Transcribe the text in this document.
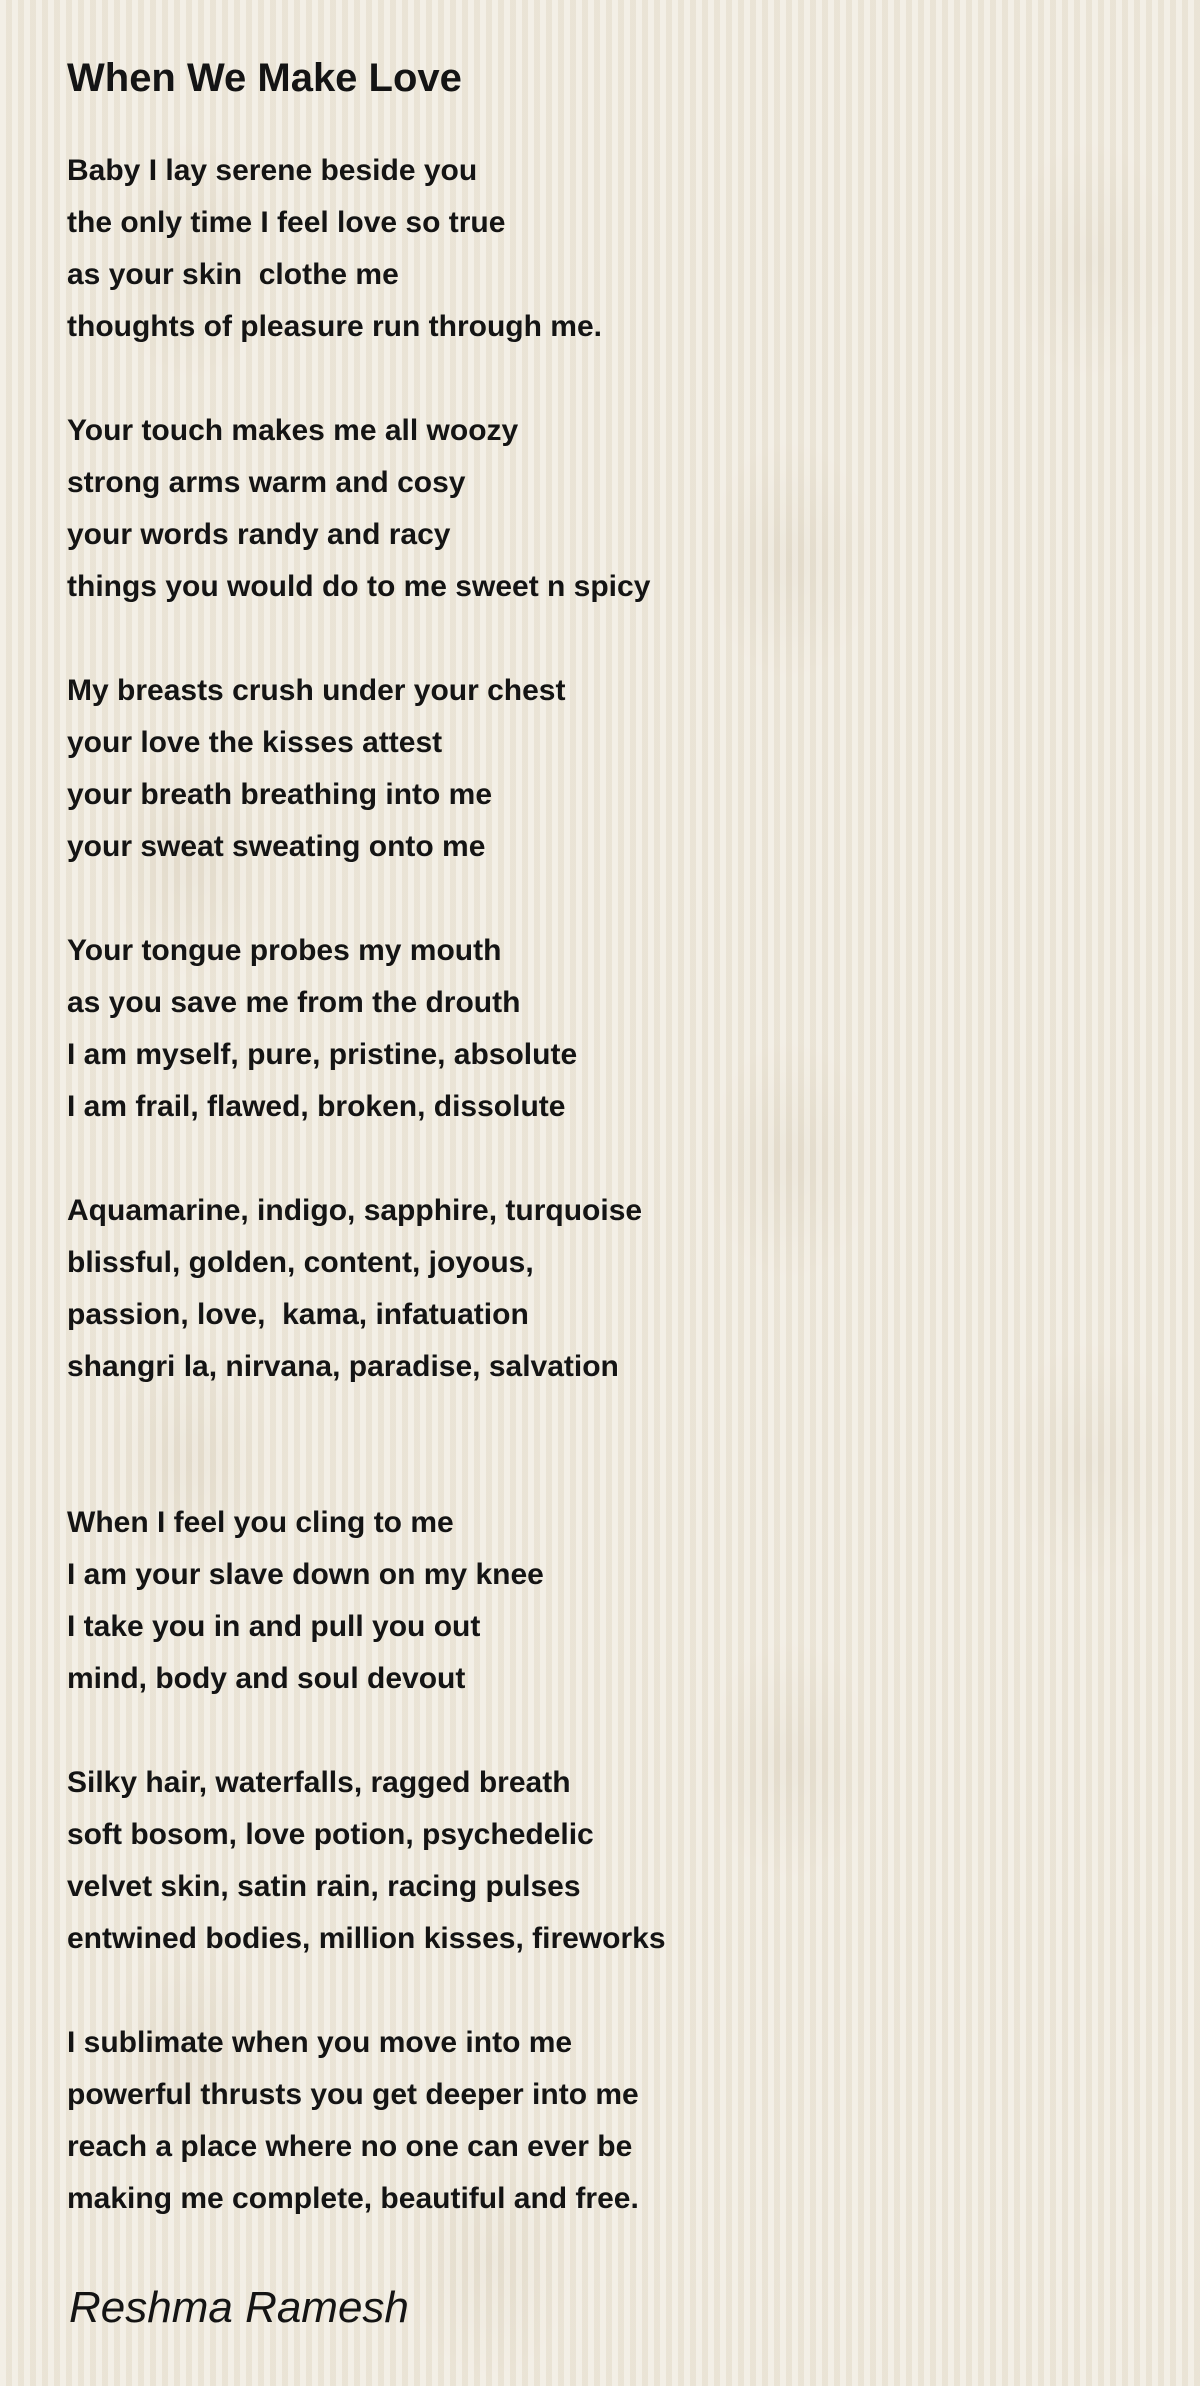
When We Make Love
Baby I lay serene beside you
the only time I feel love so true
as your skin  clothe me
thoughts of pleasure run through me.
Your touch makes me all woozy
strong arms warm and cosy
your words randy and racy
things you would do to me sweet n spicy
My breasts crush under your chest
your love the kisses attest
your breath breathing into me
your sweat sweating onto me
Your tongue probes my mouth
as you save me from the drouth
I am myself, pure, pristine, absolute
I am frail, flawed, broken, dissolute
Aquamarine, indigo, sapphire, turquoise
blissful, golden, content, joyous,
passion, love,  kama, infatuation
shangri la, nirvana, paradise, salvation
When I feel you cling to me
I am your slave down on my knee
I take you in and pull you out
mind, body and soul devout
Silky hair, waterfalls, ragged breath
soft bosom, love potion, psychedelic
velvet skin, satin rain, racing pulses
entwined bodies, million kisses, fireworks
I sublimate when you move into me
powerful thrusts you get deeper into me
reach a place where no one can ever be
making me complete, beautiful and free.
Reshma Ramesh
